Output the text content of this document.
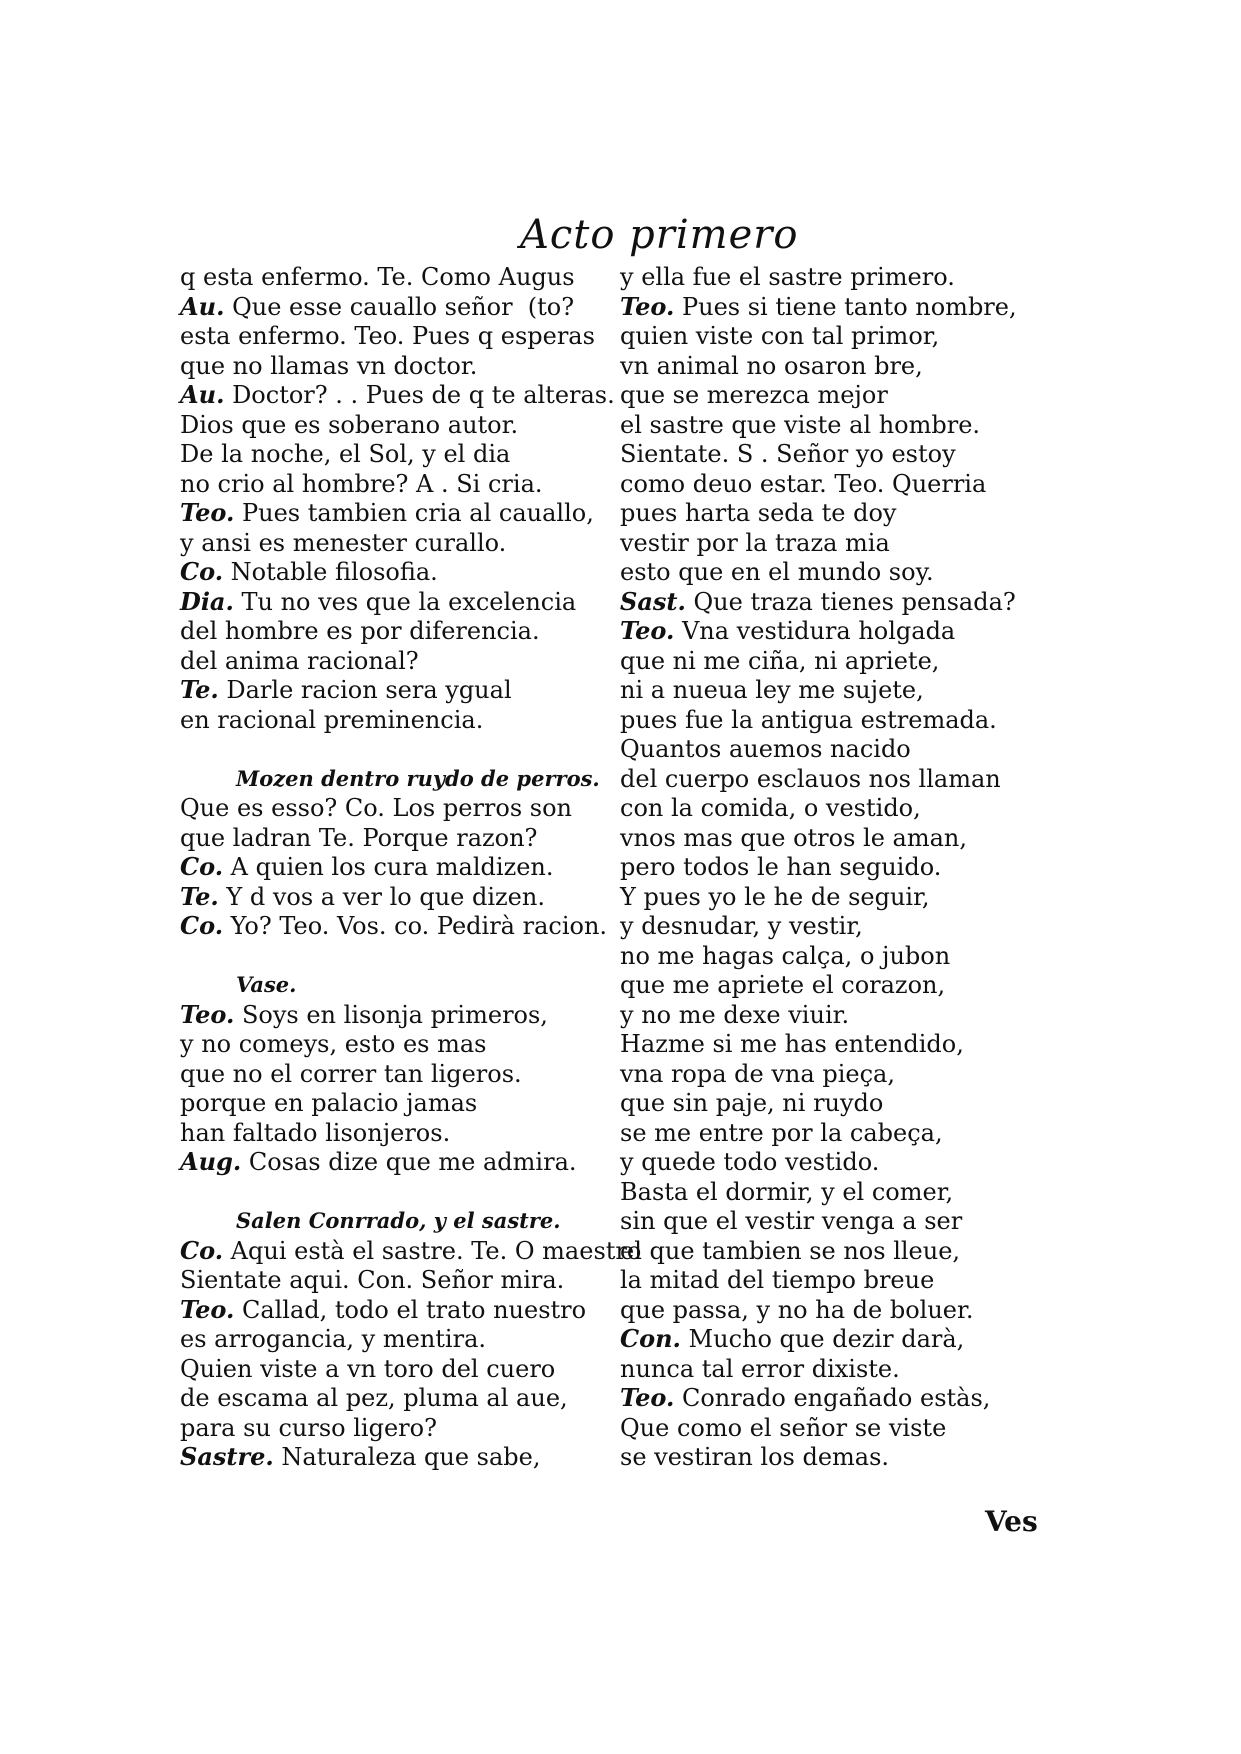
Acto primero
q esta enfermo. Te. Como Augus
Au. Que esse cauallo señor  (to?
esta enfermo. Teo. Pues q esperas
que no llamas vn doctor.
Au. Doctor? . . Pues de q te alteras.
Dios que es soberano autor.
De la noche, el Sol, y el dia
no crio al hombre? A . Si cria.
Teo. Pues tambien cria al cauallo,
y ansi es menester curallo.
Co. Notable filosofia.
Dia. Tu no ves que la excelencia
del hombre es por diferencia.
del anima racional?
Te. Darle racion sera ygual
en racional preminencia.
Mozen dentro ruydo de perros.
Que es esso? Co. Los perros son
que ladran Te. Porque razon?
Co. A quien los cura maldizen.
Te. Y d vos a ver lo que dizen.
Co. Yo? Teo. Vos. co. Pedirà racion.
Vase.
Teo. Soys en lisonja primeros,
y no comeys, esto es mas
que no el correr tan ligeros.
porque en palacio jamas
han faltado lisonjeros.
Aug. Cosas dize que me admira.
Salen Conrrado, y el sastre.
Co. Aqui està el sastre. Te. O maestro
Sientate aqui. Con. Señor mira.
Teo. Callad, todo el trato nuestro
es arrogancia, y mentira.
Quien viste a vn toro del cuero
de escama al pez, pluma al aue,
para su curso ligero?
Sastre. Naturaleza que sabe,
y ella fue el sastre primero.
Teo. Pues si tiene tanto nombre,
quien viste con tal primor,
vn animal no osaron bre,
que se merezca mejor
el sastre que viste al hombre.
Sientate. S . Señor yo estoy
como deuo estar. Teo. Querria
pues harta seda te doy
vestir por la traza mia
esto que en el mundo soy.
Sast. Que traza tienes pensada?
Teo. Vna vestidura holgada
que ni me ciña, ni apriete,
ni a nueua ley me sujete,
pues fue la antigua estremada.
Quantos auemos nacido
del cuerpo esclauos nos llaman
con la comida, o vestido,
vnos mas que otros le aman,
pero todos le han seguido.
Y pues yo le he de seguir,
y desnudar, y vestir,
no me hagas calça, o jubon
que me apriete el corazon,
y no me dexe viuir.
Hazme si me has entendido,
vna ropa de vna pieça,
que sin paje, ni ruydo
se me entre por la cabeça,
y quede todo vestido.
Basta el dormir, y el comer,
sin que el vestir venga a ser
el que tambien se nos lleue,
la mitad del tiempo breue
que passa, y no ha de boluer.
Con. Mucho que dezir darà,
nunca tal error dixiste.
Teo. Conrado engañado estàs,
Que como el señor se viste
se vestiran los demas.
Ves
